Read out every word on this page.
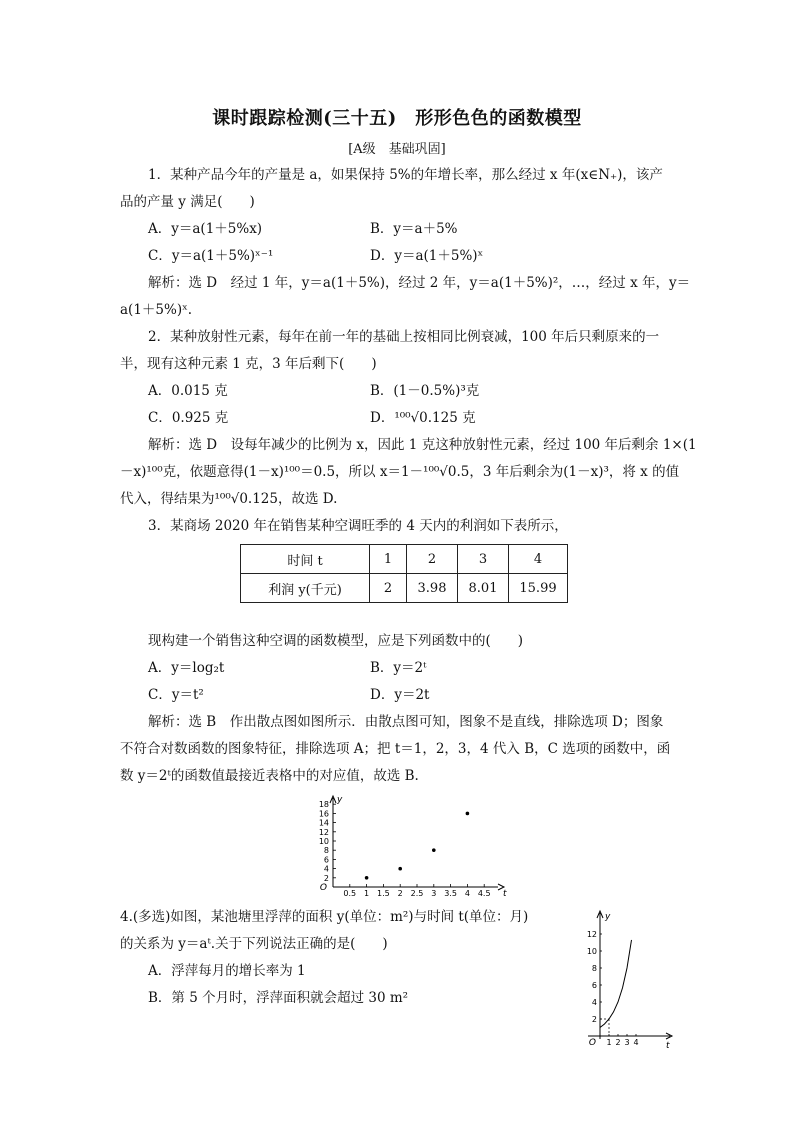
课时跟踪检测(三十五)　形形色色的函数模型
[A级　基础巩固]
1．某种产品今年的产量是 a，如果保持 5%的年增长率，那么经过 x 年(x∈N₊)，该产
品的产量 y 满足(　　)
A．y＝a(1＋5%x)	B．y＝a＋5%
C．y＝a(1＋5%)ˣ⁻¹	D．y＝a(1＋5%)ˣ
解析：选 D　经过 1 年，y＝a(1＋5%)，经过 2 年，y＝a(1＋5%)²，…，经过 x 年，y＝
a(1＋5%)ˣ.
2．某种放射性元素，每年在前一年的基础上按相同比例衰减，100 年后只剩原来的一
半，现有这种元素 1 克，3 年后剩下(　　)
A．0.015 克	B．(1－0.5%)³克
C．0.925 克	D．¹⁰⁰√0.125 克
解析：选 D　设每年减少的比例为 x，因此 1 克这种放射性元素，经过 100 年后剩余 1×(1
－x)¹⁰⁰克，依题意得(1－x)¹⁰⁰＝0.5，所以 x＝1－¹⁰⁰√0.5，3 年后剩余为(1－x)³，将 x 的值
代入，得结果为¹⁰⁰√0.125，故选 D.
3．某商场 2020 年在销售某种空调旺季的 4 天内的利润如下表所示，
时间 t	1	2	3	4
利润 y(千元)	2	3.98	8.01	15.99
现构建一个销售这种空调的函数模型，应是下列函数中的(　　)
A．y＝log₂t	B．y＝2ᵗ
C．y＝t²	D．y＝2t
解析：选 B　作出散点图如图所示．由散点图可知，图象不是直线，排除选项 D；图象
不符合对数函数的图象特征，排除选项 A；把 t＝1，2，3，4 代入 B，C 选项的函数中，函
数 y＝2ᵗ的函数值最接近表格中的对应值，故选 B.
O
t
y
0.5 1 1.5 2 2.5 3 3.5 4 4.5
2
4
6
8
10
12
14
16
18
4.(多选)如图，某池塘里浮萍的面积 y(单位：m²)与时间 t(单位：月)
的关系为 y＝aᵗ.关于下列说法正确的是(　　)
A．浮萍每月的增长率为 1
B．第 5 个月时，浮萍面积就会超过 30 m²
O	t
y
1 2 3 4
2
4
6
8
10
12
